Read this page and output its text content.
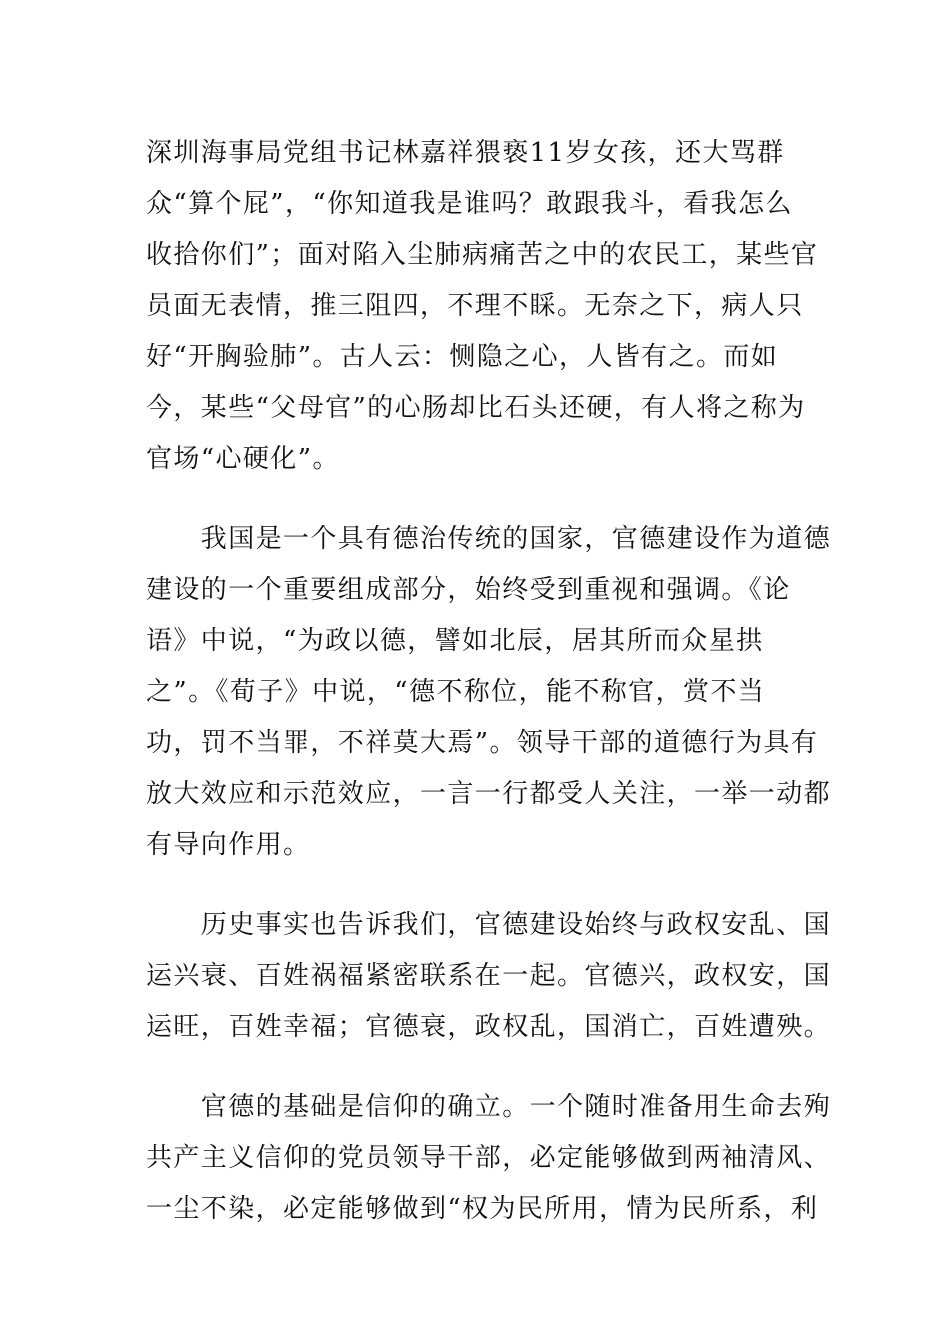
深圳海事局党组书记林嘉祥猥亵11岁女孩，还大骂群
众“算个屁”，“你知道我是谁吗？敢跟我斗，看我怎么
收拾你们”；面对陷入尘肺病痛苦之中的农民工，某些官
员面无表情，推三阻四，不理不睬。无奈之下，病人只
好“开胸验肺”。古人云：恻隐之心，人皆有之。而如
今，某些“父母官”的心肠却比石头还硬，有人将之称为
官场“心硬化”。

　　我国是一个具有德治传统的国家，官德建设作为道德
建设的一个重要组成部分，始终受到重视和强调。《论
语》中说，“为政以德，譬如北辰，居其所而众星拱
之”。《荀子》中说，“德不称位，能不称官，赏不当
功，罚不当罪，不祥莫大焉”。领导干部的道德行为具有
放大效应和示范效应，一言一行都受人关注，一举一动都
有导向作用。

　　历史事实也告诉我们，官德建设始终与政权安乱、国
运兴衰、百姓祸福紧密联系在一起。官德兴，政权安，国
运旺，百姓幸福；官德衰，政权乱，国消亡，百姓遭殃。

　　官德的基础是信仰的确立。一个随时准备用生命去殉
共产主义信仰的党员领导干部，必定能够做到两袖清风、
一尘不染，必定能够做到“权为民所用，情为民所系，利
